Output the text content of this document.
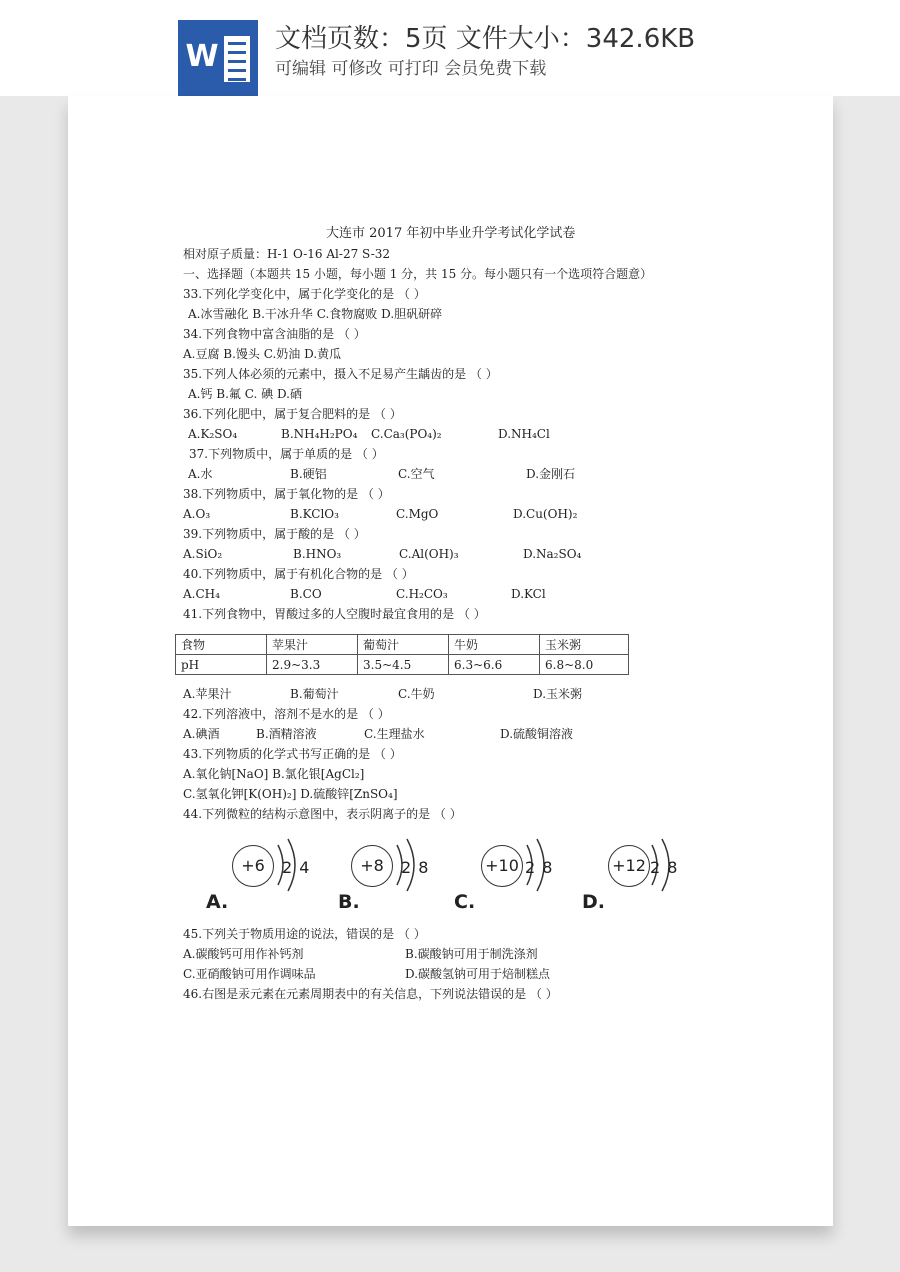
W 文档页数：5页 文件大小：342.6KB
可编辑 可修改 可打印 会员免费下载
大连市 2017 年初中毕业升学考试化学试卷
相对原子质量：H-1 O-16 Al-27 S-32
一、选择题（本题共 15 小题，每小题 1 分，共 15 分。每小题只有一个选项符合题意）
33.下列化学变化中，属于化学变化的是 （ ）
A.冰雪融化 B.干冰升华 C.食物腐败 D.胆矾研碎
34.下列食物中富含油脂的是 （ ）
A.豆腐 B.馒头 C.奶油 D.黄瓜
35.下列人体必须的元素中，摄入不足易产生龋齿的是 （ ）
A.钙 B.氟 C. 碘 D.硒
36.下列化肥中，属于复合肥料的是 （ ）
A.K₂SO₄	B.NH₄H₂PO₄ C.Ca₃(PO₄)₂	D.NH₄Cl
37.下列物质中，属于单质的是 （ ）
A.水	B.硬铝	C.空气	D.金刚石
38.下列物质中，属于氧化物的是 （ ）
A.O₃	B.KClO₃	C.MgO	D.Cu(OH)₂
39.下列物质中，属于酸的是 （ ）
A.SiO₂	B.HNO₃	C.Al(OH)₃	D.Na₂SO₄
40.下列物质中，属于有机化合物的是 （ ）
A.CH₄	B.CO	C.H₂CO₃	D.KCl
41.下列食物中，胃酸过多的人空腹时最宜食用的是 （ ）
食物	苹果汁	葡萄汁	牛奶	玉米粥
pH	2.9~3.3	3.5~4.5	6.3~6.6	6.8~8.0
A.苹果汁	B.葡萄汁	C.牛奶	D.玉米粥
42.下列溶液中，溶剂不是水的是 （ ）
A.碘酒	B.酒精溶液	C.生理盐水	D.硫酸铜溶液
43.下列物质的化学式书写正确的是 （ ）
A.氧化钠[NaO] B.氯化银[AgCl₂]
C.氢氧化钾[K(OH)₂] D.硫酸锌[ZnSO₄]
44.下列微粒的结构示意图中，表示阴离子的是 （ ）
+6	2 4
A.
+8	2 8
B.
+10 2 8
C.
+12 2 8
D.
45.下列关于物质用途的说法，错误的是 （ ）
A.碳酸钙可用作补钙剂	B.碳酸钠可用于制洗涤剂
C.亚硝酸钠可用作调味品	D.碳酸氢钠可用于焙制糕点
46.右图是汞元素在元素周期表中的有关信息，下列说法错误的是 （ ）
